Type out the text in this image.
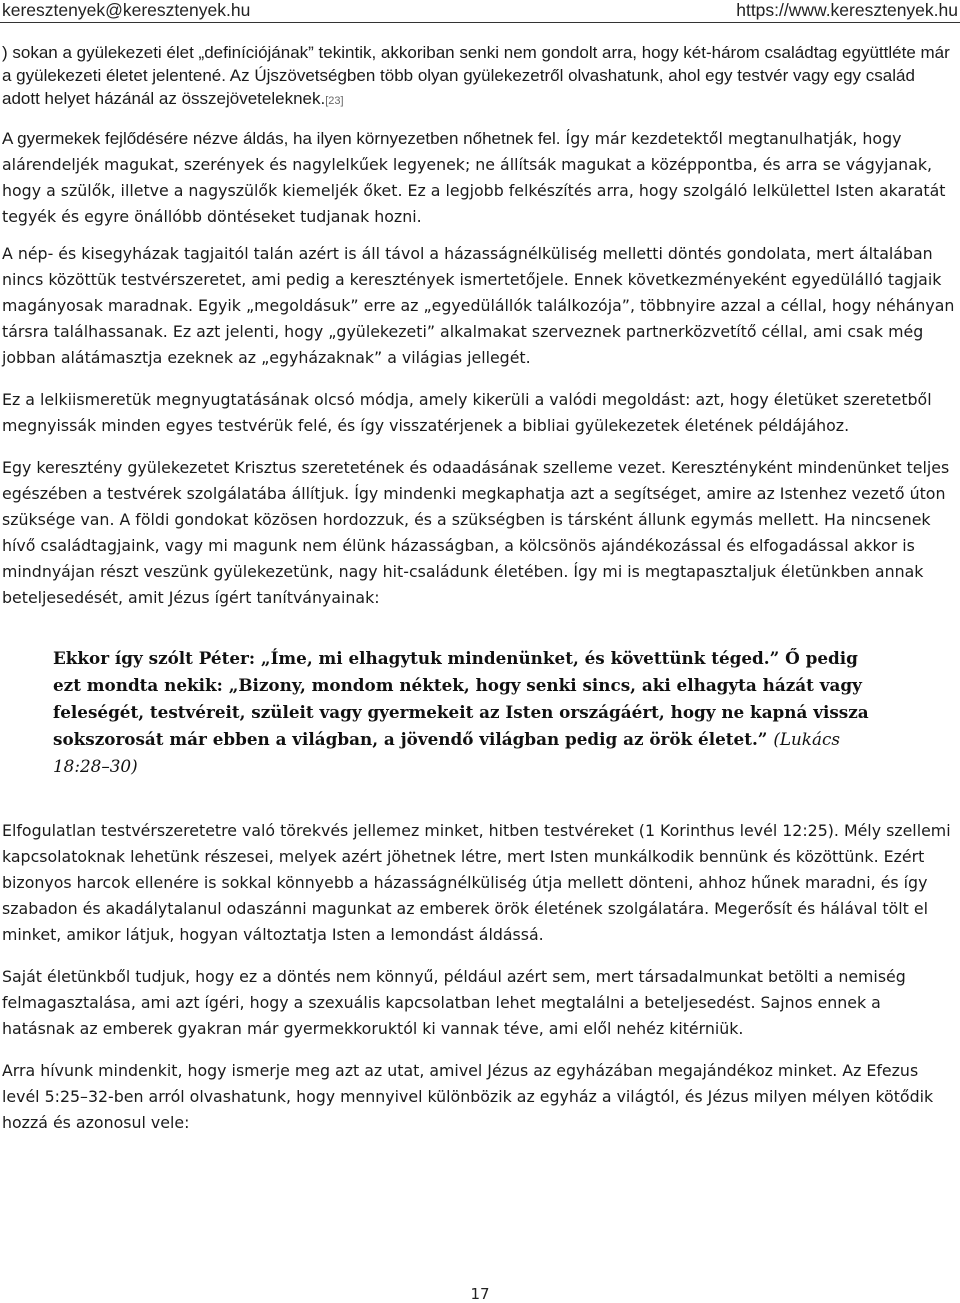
keresztenyek@keresztenyek.hu	https://www.keresztenyek.hu

) sokan a gyülekezeti élet „definíciójának” tekintik, akkoriban senki nem gondolt arra, hogy két-három családtag együttléte már a gyülekezeti életet jelentené. Az Újszövetségben több olyan gyülekezetről olvashatunk, ahol egy testvér vagy egy család adott helyet házánál az összejöveteleknek.[23]

A gyermekek fejlődésére nézve áldás, ha ilyen környezetben nőhetnek fel. Így már kezdetektől megtanulhatják, hogy alárendeljék magukat, szerények és nagylelkűek legyenek; ne állítsák magukat a középpontba, és arra se vágyjanak, hogy a szülők, illetve a nagyszülők kiemeljék őket. Ez a legjobb felkészítés arra, hogy szolgáló lelkülettel Isten akaratát tegyék és egyre önállóbb döntéseket tudjanak hozni.

A nép- és kisegyházak tagjaitól talán azért is áll távol a házasságnélküliség melletti döntés gondolata, mert általában nincs közöttük testvérszeretet, ami pedig a keresztények ismertetőjele. Ennek következményeként egyedülálló tagjaik magányosak maradnak. Egyik „megoldásuk” erre az „egyedülállók találkozója”, többnyire azzal a céllal, hogy néhányan társra találhassanak. Ez azt jelenti, hogy „gyülekezeti” alkalmakat szerveznek partnerközvetítő céllal, ami csak még jobban alátámasztja ezeknek az „egyházaknak” a világias jellegét.

Ez a lelkiismeretük megnyugtatásának olcsó módja, amely kikerüli a valódi megoldást: azt, hogy életüket szeretetből megnyissák minden egyes testvérük felé, és így visszatérjenek a bibliai gyülekezetek életének példájához.

Egy keresztény gyülekezetet Krisztus szeretetének és odaadásának szelleme vezet. Keresztényként mindenünket teljes egészében a testvérek szolgálatába állítjuk. Így mindenki megkaphatja azt a segítséget, amire az Istenhez vezető úton szüksége van. A földi gondokat közösen hordozzuk, és a szükségben is társként állunk egymás mellett. Ha nincsenek hívő családtagjaink, vagy mi magunk nem élünk házasságban, a kölcsönös ajándékozással és elfogadással akkor is mindnyájan részt veszünk gyülekezetünk, nagy hit-családunk életében. Így mi is megtapasztaljuk életünkben annak beteljesedését, amit Jézus ígért tanítványainak:

Ekkor így szólt Péter: „Íme, mi elhagytuk mindenünket, és követtünk téged.” Ő pedig ezt mondta nekik: „Bizony, mondom néktek, hogy senki sincs, aki elhagyta házát vagy feleségét, testvéreit, szüleit vagy gyermekeit az Isten országáért, hogy ne kapná vissza sokszorosát már ebben a világban, a jövendő világban pedig az örök életet.” (Lukács 18:28–30)

Elfogulatlan testvérszeretetre való törekvés jellemez minket, hitben testvéreket (1 Korinthus levél 12:25). Mély szellemi kapcsolatoknak lehetünk részesei, melyek azért jöhetnek létre, mert Isten munkálkodik bennünk és közöttünk. Ezért bizonyos harcok ellenére is sokkal könnyebb a házasságnélküliség útja mellett dönteni, ahhoz hűnek maradni, és így szabadon és akadálytalanul odaszánni magunkat az emberek örök életének szolgálatára. Megerősít és hálával tölt el minket, amikor látjuk, hogyan változtatja Isten a lemondást áldássá.

Saját életünkből tudjuk, hogy ez a döntés nem könnyű, például azért sem, mert társadalmunkat betölti a nemiség felmagasztalása, ami azt ígéri, hogy a szexuális kapcsolatban lehet megtalálni a beteljesedést. Sajnos ennek a hatásnak az emberek gyakran már gyermekkoruktól ki vannak téve, ami elől nehéz kitérniük.

Arra hívunk mindenkit, hogy ismerje meg azt az utat, amivel Jézus az egyházában megajándékoz minket. Az Efezus levél 5:25–32-ben arról olvashatunk, hogy mennyivel különbözik az egyház a világtól, és Jézus milyen mélyen kötődik hozzá és azonosul vele:

17
